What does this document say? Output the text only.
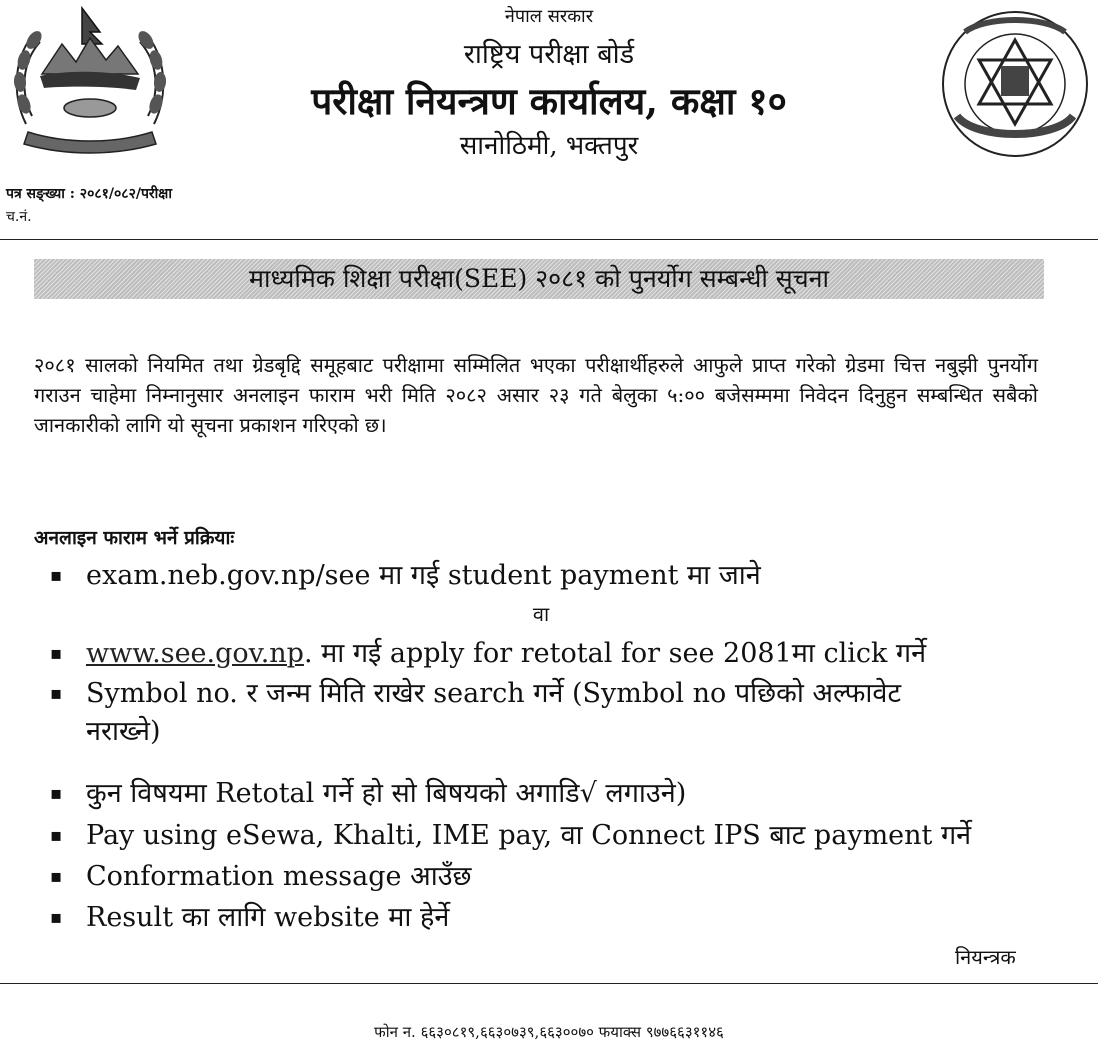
नेपाल सरकार
राष्ट्रिय परीक्षा बोर्ड
परीक्षा नियन्त्रण कार्यालय, कक्षा १०
सानोठिमी, भक्तपुर
पत्र सङ्ख्या : २०८१/०८२/परीक्षा
च.नं.
माध्यमिक शिक्षा परीक्षा(SEE) २०८१ को पुनर्योग सम्बन्धी सूचना
२०८१ सालको नियमित तथा ग्रेडबृद्दि समूहबाट परीक्षामा सम्मिलित भएका परीक्षार्थीहरुले आफुले प्राप्त गरेको ग्रेडमा चित्त नबुझी पुनर्योग गराउन चाहेमा निम्नानुसार अनलाइन फाराम भरी मिति २०८२ असार २३ गते बेलुका ५:०० बजेसम्ममा निवेदन दिनुहुन सम्बन्धित सबैको जानकारीको लागि यो सूचना प्रकाशन गरिएको छ।
अनलाइन फाराम भर्ने प्रक्रियाः
▪ exam.neb.gov.np/see मा गई student payment मा जाने
वा
▪ www.see.gov.np. मा गई apply for retotal for see 2081मा click गर्ने
▪ Symbol no. र जन्म मिति राखेर search गर्ने (Symbol no पछिको अल्फावेट
नराख्ने)
▪ कुन विषयमा Retotal गर्ने हो सो बिषयको अगाडि√ लगाउने)
▪ Pay using eSewa, Khalti, IME pay, वा Connect IPS बाट payment गर्ने
▪ Conformation message आउँछ
▪ Result का लागि website मा हेर्ने
नियन्त्रक
फोन न. ६६३०८१९,६६३०७३९,६६३००७० फयाक्स ९७७६६३११४६
